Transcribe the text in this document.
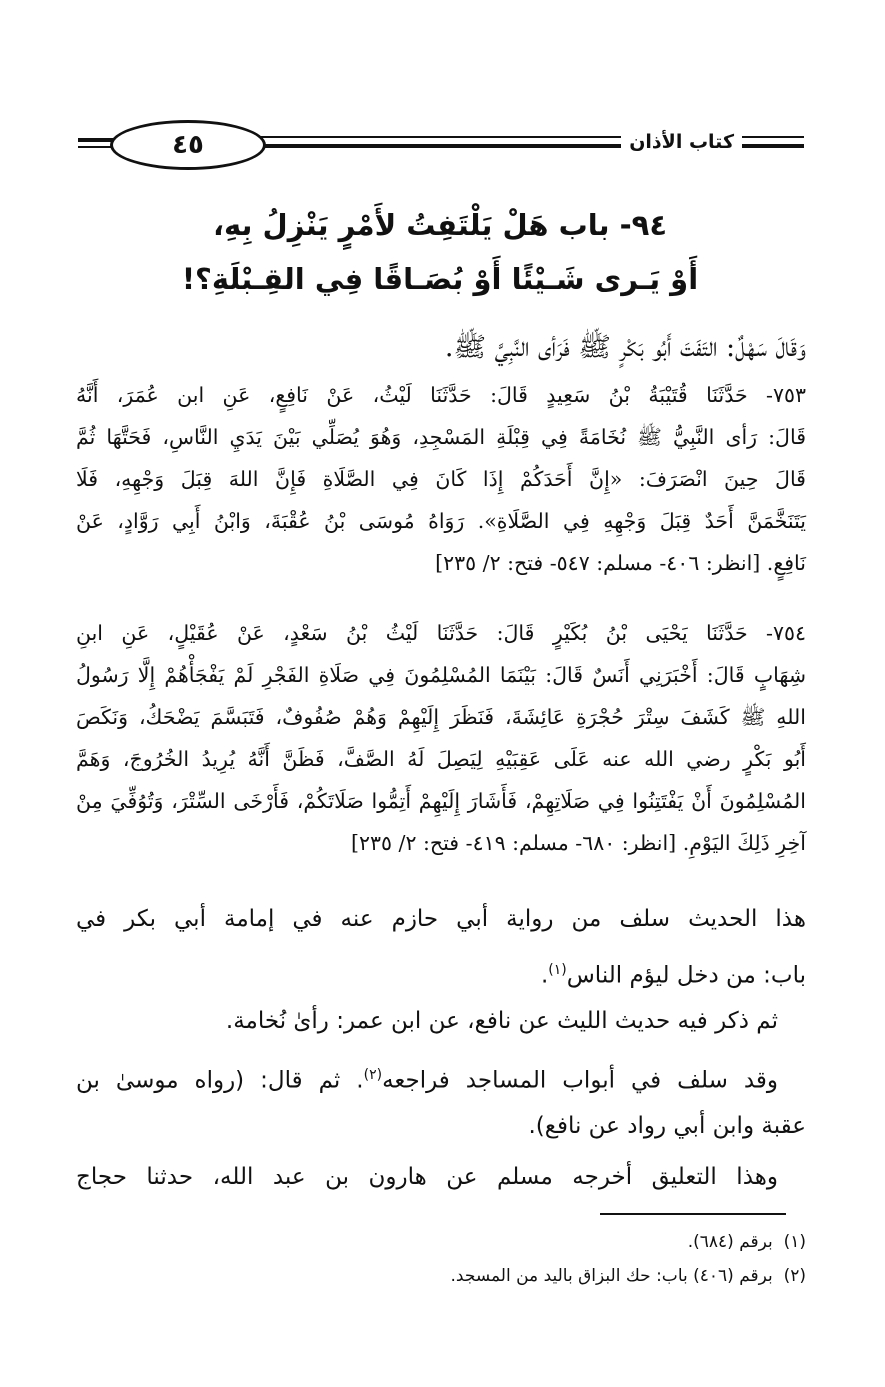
٤٥	كتاب الأذان
٩٤- باب هَلْ يَلْتَفِتُ لأَمْرٍ يَنْزِلُ بِهِ،
أَوْ يَـرى شَـيْئًا أَوْ بُصَـاقًا فِي القِـبْلَةِ؟!
وَقَالَ سَهْلٌ: التَفَتَ أَبُو بَكْرٍ ﷺ فَرَأى النَّبِيَّ ﷺ.
٧٥٣- حَدَّثَنَا قُتَيْبَةُ بْنُ سَعِيدٍ قَالَ: حَدَّثَنَا لَيْثُ، عَنْ نَافِعٍ، عَنِ ابن عُمَرَ، أَنَّهُ
قَالَ: رَأى النَّبِيُّ ﷺ نُخَامَةً فِي قِبْلَةِ المَسْجِدِ، وَهُوَ يُصَلِّي بَيْنَ يَدَيِ النَّاسِ، فَحَتَّهَا ثُمَّ
قَالَ حِينَ انْصَرَفَ: «إِنَّ أَحَدَكُمْ إِذَا كَانَ فِي الصَّلَاةِ فَإِنَّ اللهَ قِبَلَ وَجْهِهِ، فَلَا
يَتَنَخَّمَنَّ أَحَدٌ قِبَلَ وَجْهِهِ فِي الصَّلَاةِ». رَوَاهُ مُوسَى بْنُ عُقْبَةَ، وَابْنُ أَبِي رَوَّادٍ، عَنْ
نَافِعٍ. [انظر: ٤٠٦- مسلم: ٥٤٧- فتح: ٢/ ٢٣٥]
٧٥٤- حَدَّثَنَا يَحْيَى بْنُ بُكَيْرٍ قَالَ: حَدَّثَنَا لَيْثُ بْنُ سَعْدٍ، عَنْ عُقَيْلٍ، عَنِ ابنِ
شِهَابٍ قَالَ: أَخْبَرَنِي أَنَسٌ قَالَ: بَيْنَمَا المُسْلِمُونَ فِي صَلَاةِ الفَجْرِ لَمْ يَفْجَأْهُمْ إِلَّا رَسُولُ
اللهِ ﷺ كَشَفَ سِتْرَ حُجْرَةِ عَائِشَةَ، فَنَظَرَ إِلَيْهِمْ وَهُمْ صُفُوفٌ، فَتَبَسَّمَ يَضْحَكُ، وَنَكَصَ
أَبُو بَكْرٍ رضي الله عنه عَلَى عَقِبَيْهِ لِيَصِلَ لَهُ الصَّفَّ، فَظَنَّ أَنَّهُ يُرِيدُ الخُرُوجَ، وَهَمَّ
المُسْلِمُونَ أَنْ يَفْتَتِنُوا فِي صَلَاتِهِمْ، فَأَشَارَ إِلَيْهِمْ أَتِمُّوا صَلَاتَكُمْ، فَأَرْخَى السِّتْرَ، وَتُوُفِّيَ مِنْ
آخِرِ ذَلِكَ اليَوْمِ. [انظر: ٦٨٠- مسلم: ٤١٩- فتح: ٢/ ٢٣٥]
هذا الحديث سلف من رواية أبي حازم عنه في إمامة أبي بكر في
باب: من دخل ليؤم الناس$^{(١)}$.
ثم ذكر فيه حديث الليث عن نافع، عن ابن عمر: رأىٰ نُخامة.
وقد سلف في أبواب المساجد فراجعه$^{(٢)}$. ثم قال: (رواه موسىٰ بن
عقبة وابن أبي رواد عن نافع).
وهذا التعليق أخرجه مسلم عن هارون بن عبد الله، حدثنا حجاج
(١)  برقم (٦٨٤).
(٢)  برقم (٤٠٦) باب: حك البزاق باليد من المسجد.
